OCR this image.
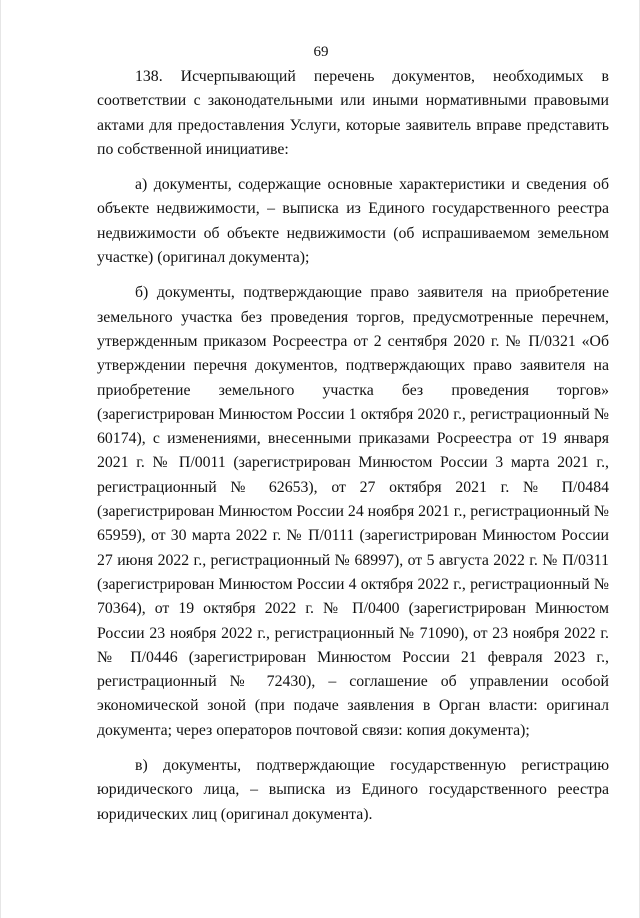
69

138. Исчерпывающий перечень документов, необходимых в соответствии с законодательными или иными нормативными правовыми актами для предоставления Услуги, которые заявитель вправе представить по собственной инициативе:

а) документы, содержащие основные характеристики и сведения об объекте недвижимости, – выписка из Единого государственного реестра недвижимости об объекте недвижимости (об испрашиваемом земельном участке) (оригинал документа);

б) документы, подтверждающие право заявителя на приобретение земельного участка без проведения торгов, предусмотренные перечнем, утвержденным приказом Росреестра от 2 сентября 2020 г. № П/0321 «Об утверждении перечня документов, подтверждающих право заявителя на приобретение земельного участка без проведения торгов» (зарегистрирован Минюстом России 1 октября 2020 г., регистрационный № 60174), с изменениями, внесенными приказами Росреестра от 19 января 2021 г. № П/0011 (зарегистрирован Минюстом России 3 марта 2021 г., регистрационный № 62653), от 27 октября 2021 г. № П/0484 (зарегистрирован Минюстом России 24 ноября 2021 г., регистрационный № 65959), от 30 марта 2022 г. № П/0111 (зарегистрирован Минюстом России 27 июня 2022 г., регистрационный № 68997), от 5 августа 2022 г. № П/0311 (зарегистрирован Минюстом России 4 октября 2022 г., регистрационный № 70364), от 19 октября 2022 г. № П/0400 (зарегистрирован Минюстом России 23 ноября 2022 г., регистрационный № 71090), от 23 ноября 2022 г. № П/0446 (зарегистрирован Минюстом России 21 февраля 2023 г., регистрационный № 72430), – соглашение об управлении особой экономической зоной (при подаче заявления в Орган власти: оригинал документа; через операторов почтовой связи: копия документа);

в) документы, подтверждающие государственную регистрацию юридического лица, – выписка из Единого государственного реестра юридических лиц (оригинал документа).
